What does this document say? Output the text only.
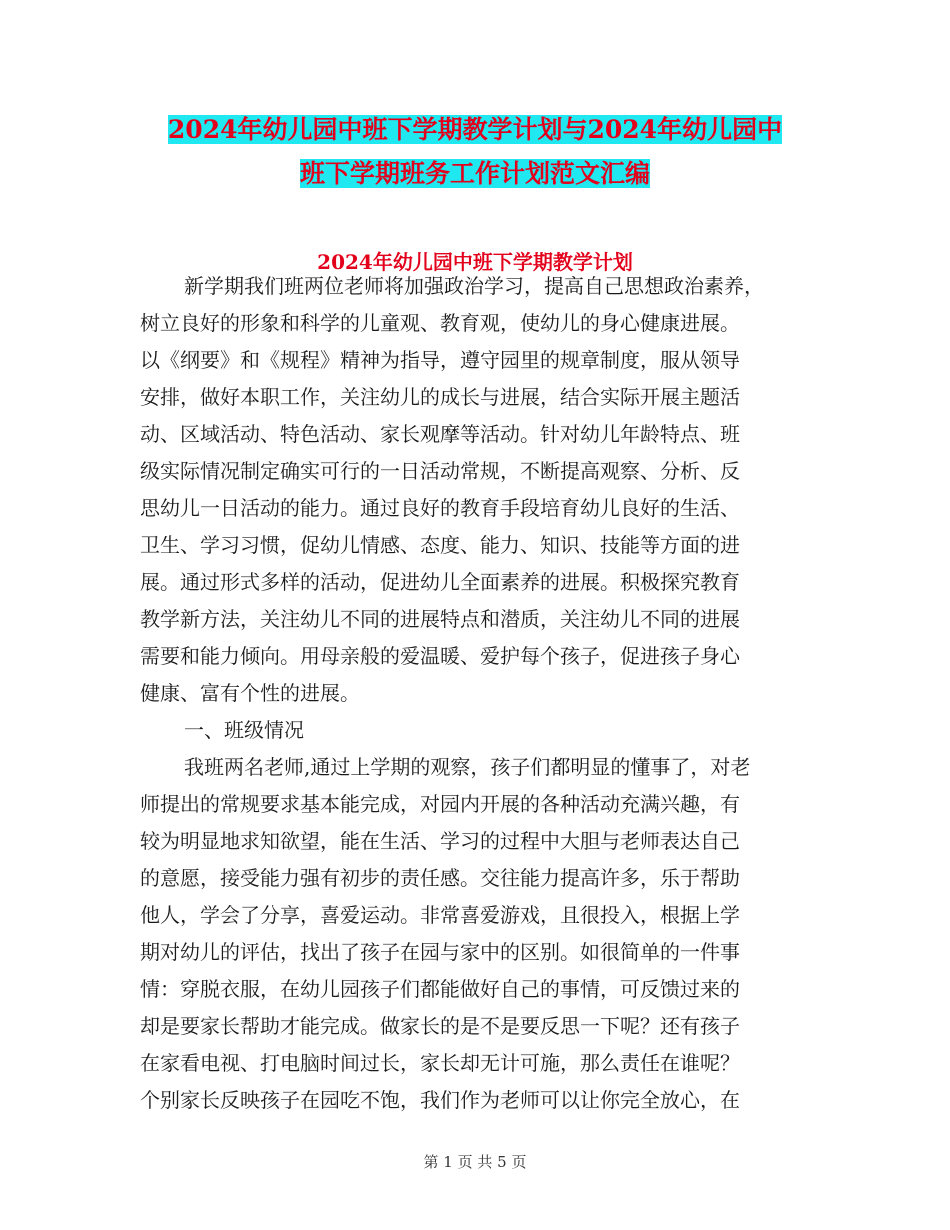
2024年幼儿园中班下学期教学计划与2024年幼儿园中
班下学期班务工作计划范文汇编
2024年幼儿园中班下学期教学计划
新学期我们班两位老师将加强政治学习，提高自己思想政治素养，
树立良好的形象和科学的儿童观、教育观，使幼儿的身心健康进展。
以《纲要》和《规程》精神为指导，遵守园里的规章制度，服从领导
安排，做好本职工作，关注幼儿的成长与进展，结合实际开展主题活
动、区域活动、特色活动、家长观摩等活动。针对幼儿年龄特点、班
级实际情况制定确实可行的一日活动常规，不断提高观察、分析、反
思幼儿一日活动的能力。通过良好的教育手段培育幼儿良好的生活、
卫生、学习习惯，促幼儿情感、态度、能力、知识、技能等方面的进
展。通过形式多样的活动，促进幼儿全面素养的进展。积极探究教育
教学新方法，关注幼儿不同的进展特点和潜质，关注幼儿不同的进展
需要和能力倾向。用母亲般的爱温暖、爱护每个孩子，促进孩子身心
健康、富有个性的进展。
一、班级情况
我班两名老师,通过上学期的观察，孩子们都明显的懂事了，对老
师提出的常规要求基本能完成，对园内开展的各种活动充满兴趣，有
较为明显地求知欲望，能在生活、学习的过程中大胆与老师表达自己
的意愿，接受能力强有初步的责任感。交往能力提高许多，乐于帮助
他人，学会了分享，喜爱运动。非常喜爱游戏，且很投入，根据上学
期对幼儿的评估，找出了孩子在园与家中的区别。如很简单的一件事
情：穿脱衣服，在幼儿园孩子们都能做好自己的事情，可反馈过来的
却是要家长帮助才能完成。做家长的是不是要反思一下呢？还有孩子
在家看电视、打电脑时间过长，家长却无计可施，那么责任在谁呢？
个别家长反映孩子在园吃不饱，我们作为老师可以让你完全放心，在
第 1 页 共 5 页
